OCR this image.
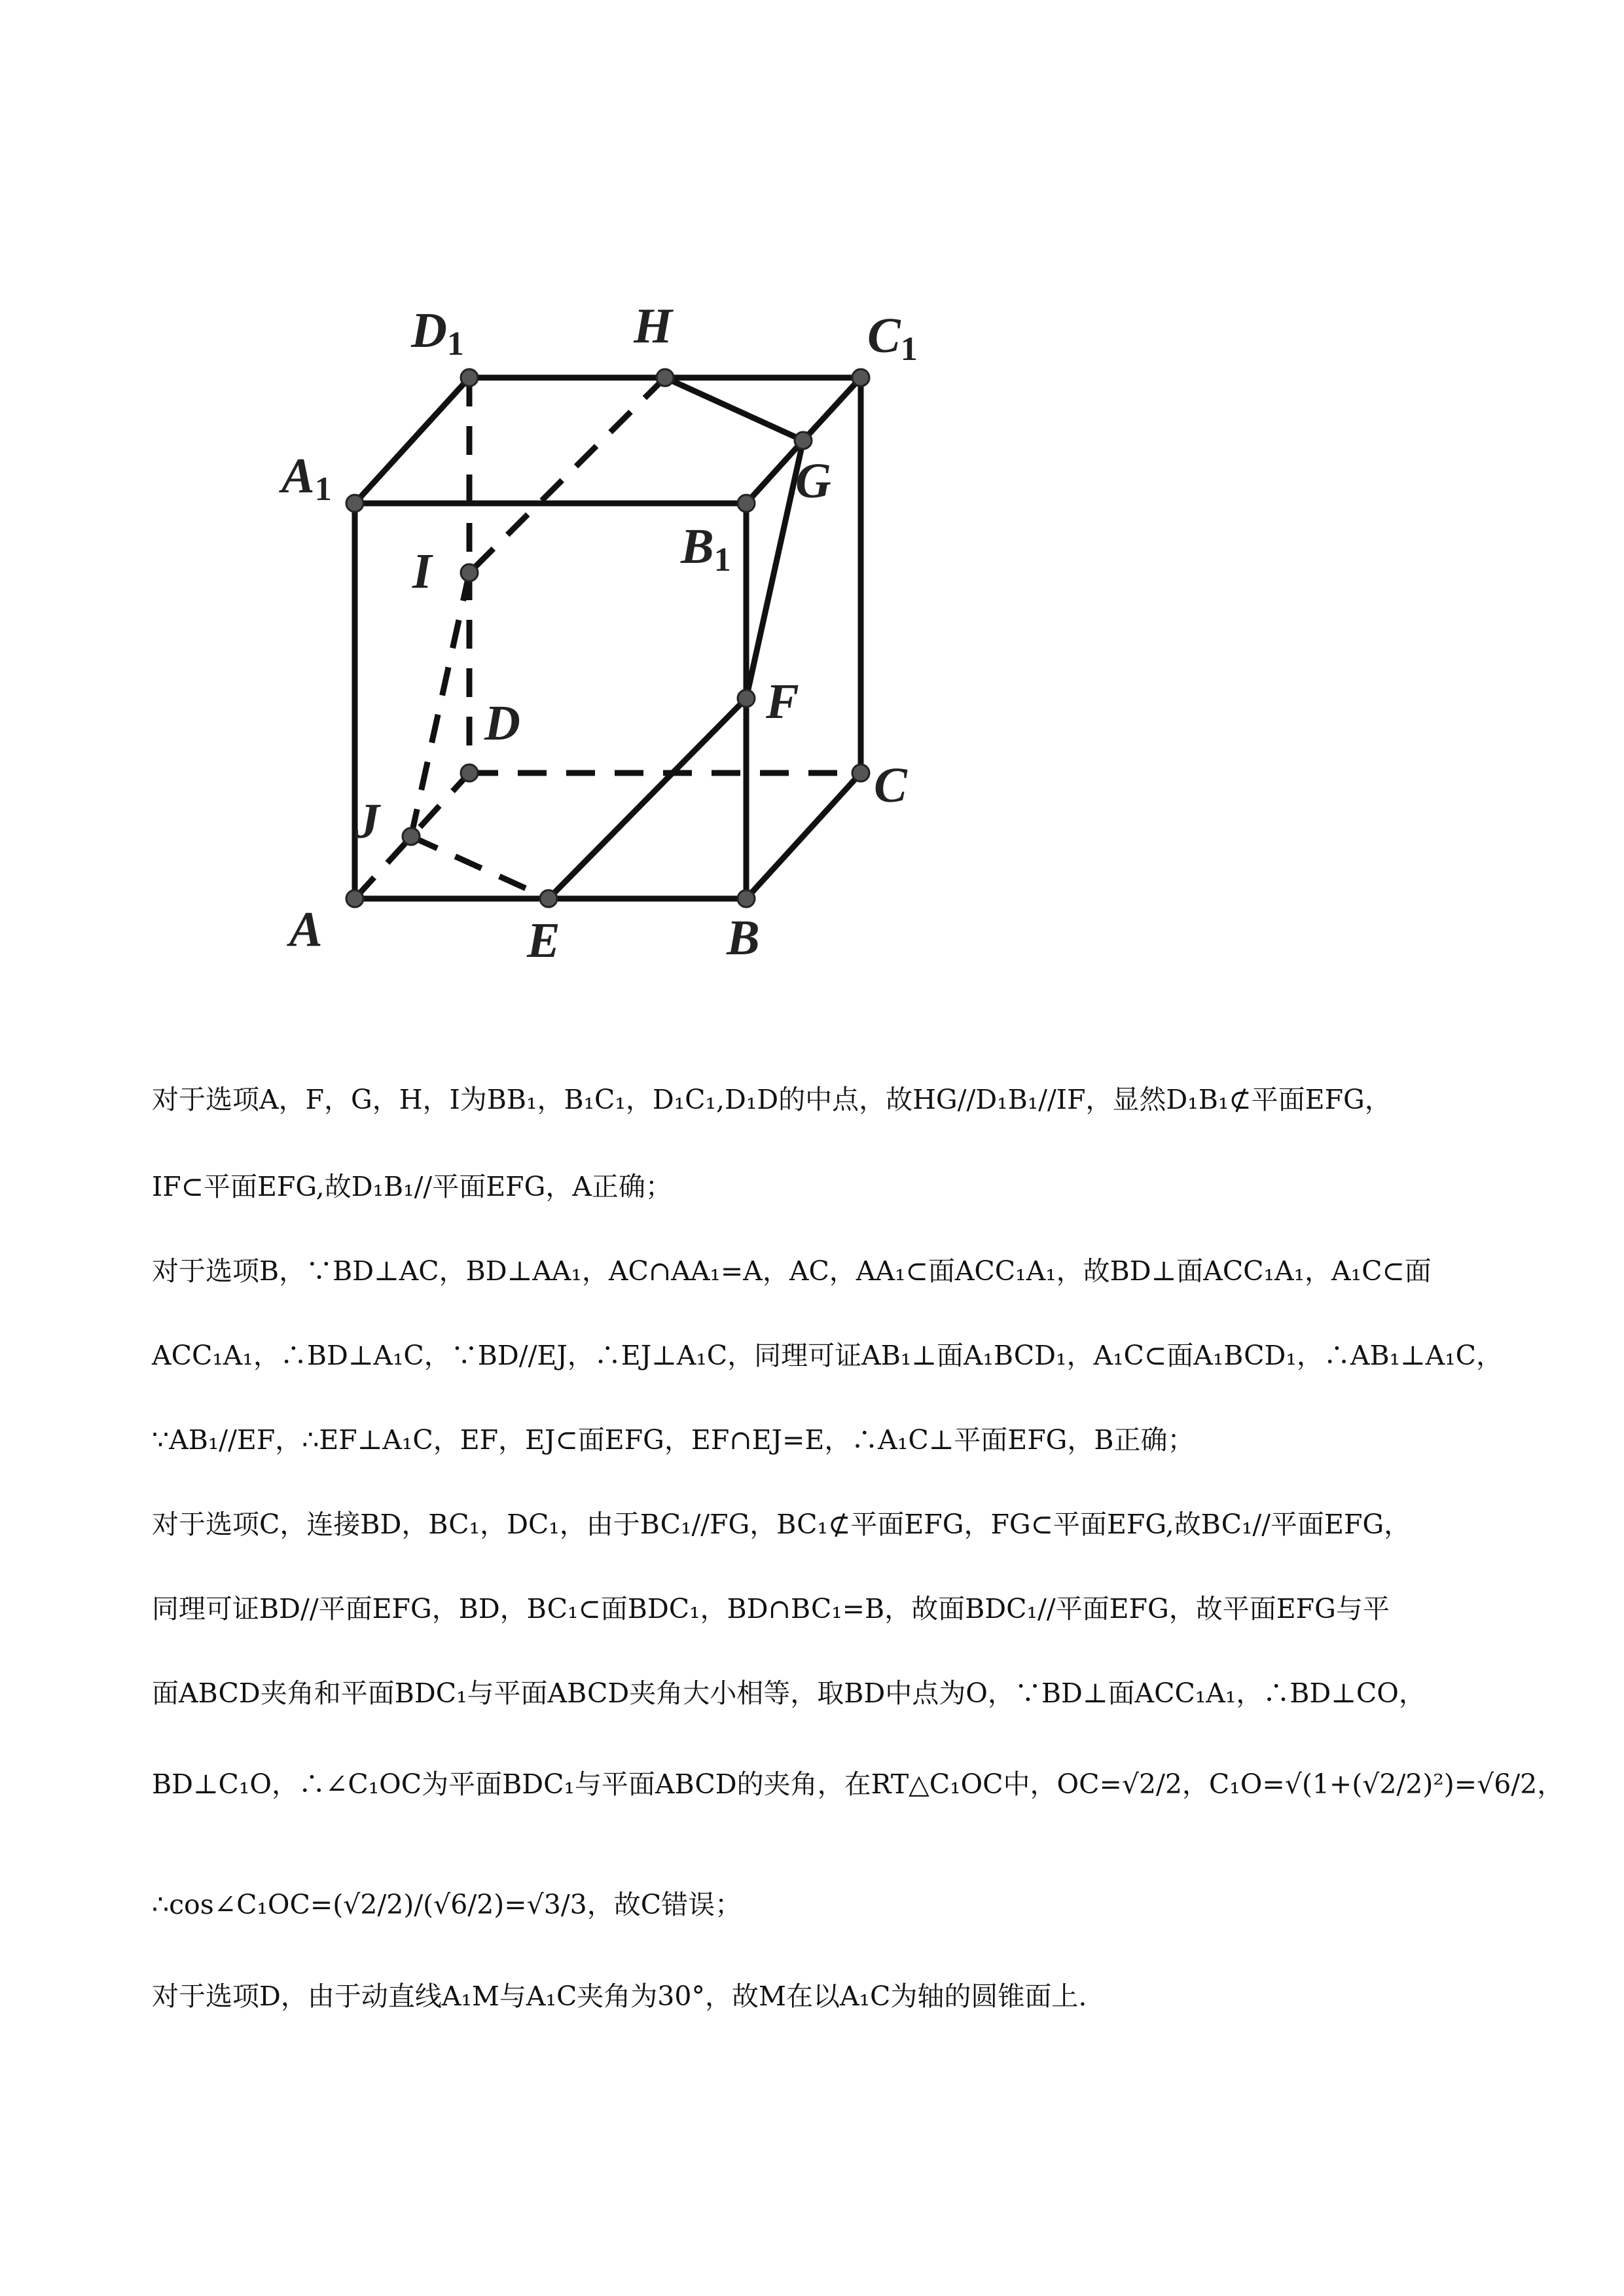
D1	H	C1
A1	G
B1
I
F
D
C
J
A	E	B
对于选项A，F，G，H，I为BB₁，B₁C₁，D₁C₁,D₁D的中点，故HG//D₁B₁//IF，显然D₁B₁⊄平面EFG，
IF⊂平面EFG,故D₁B₁//平面EFG，A正确；
对于选项B，∵BD⊥AC，BD⊥AA₁，AC∩AA₁=A，AC，AA₁⊂面ACC₁A₁，故BD⊥面ACC₁A₁，A₁C⊂面
ACC₁A₁，∴BD⊥A₁C，∵BD//EJ，∴EJ⊥A₁C，同理可证AB₁⊥面A₁BCD₁，A₁C⊂面A₁BCD₁，∴AB₁⊥A₁C，
∵AB₁//EF，∴EF⊥A₁C，EF，EJ⊂面EFG，EF∩EJ=E，∴A₁C⊥平面EFG，B正确；
对于选项C，连接BD，BC₁，DC₁，由于BC₁//FG，BC₁⊄平面EFG，FG⊂平面EFG,故BC₁//平面EFG，
同理可证BD//平面EFG，BD，BC₁⊂面BDC₁，BD∩BC₁=B，故面BDC₁//平面EFG，故平面EFG与平
面ABCD夹角和平面BDC₁与平面ABCD夹角大小相等，取BD中点为O，∵BD⊥面ACC₁A₁，∴BD⊥CO，
BD⊥C₁O，∴∠C₁OC为平面BDC₁与平面ABCD的夹角，在RT△C₁OC中，OC=√2/2，C₁O=√(1+(√2/2)²)=√6/2，
∴cos∠C₁OC=(√2/2)/(√6/2)=√3/3，故C错误；
对于选项D，由于动直线A₁M与A₁C夹角为30°，故M在以A₁C为轴的圆锥面上.
